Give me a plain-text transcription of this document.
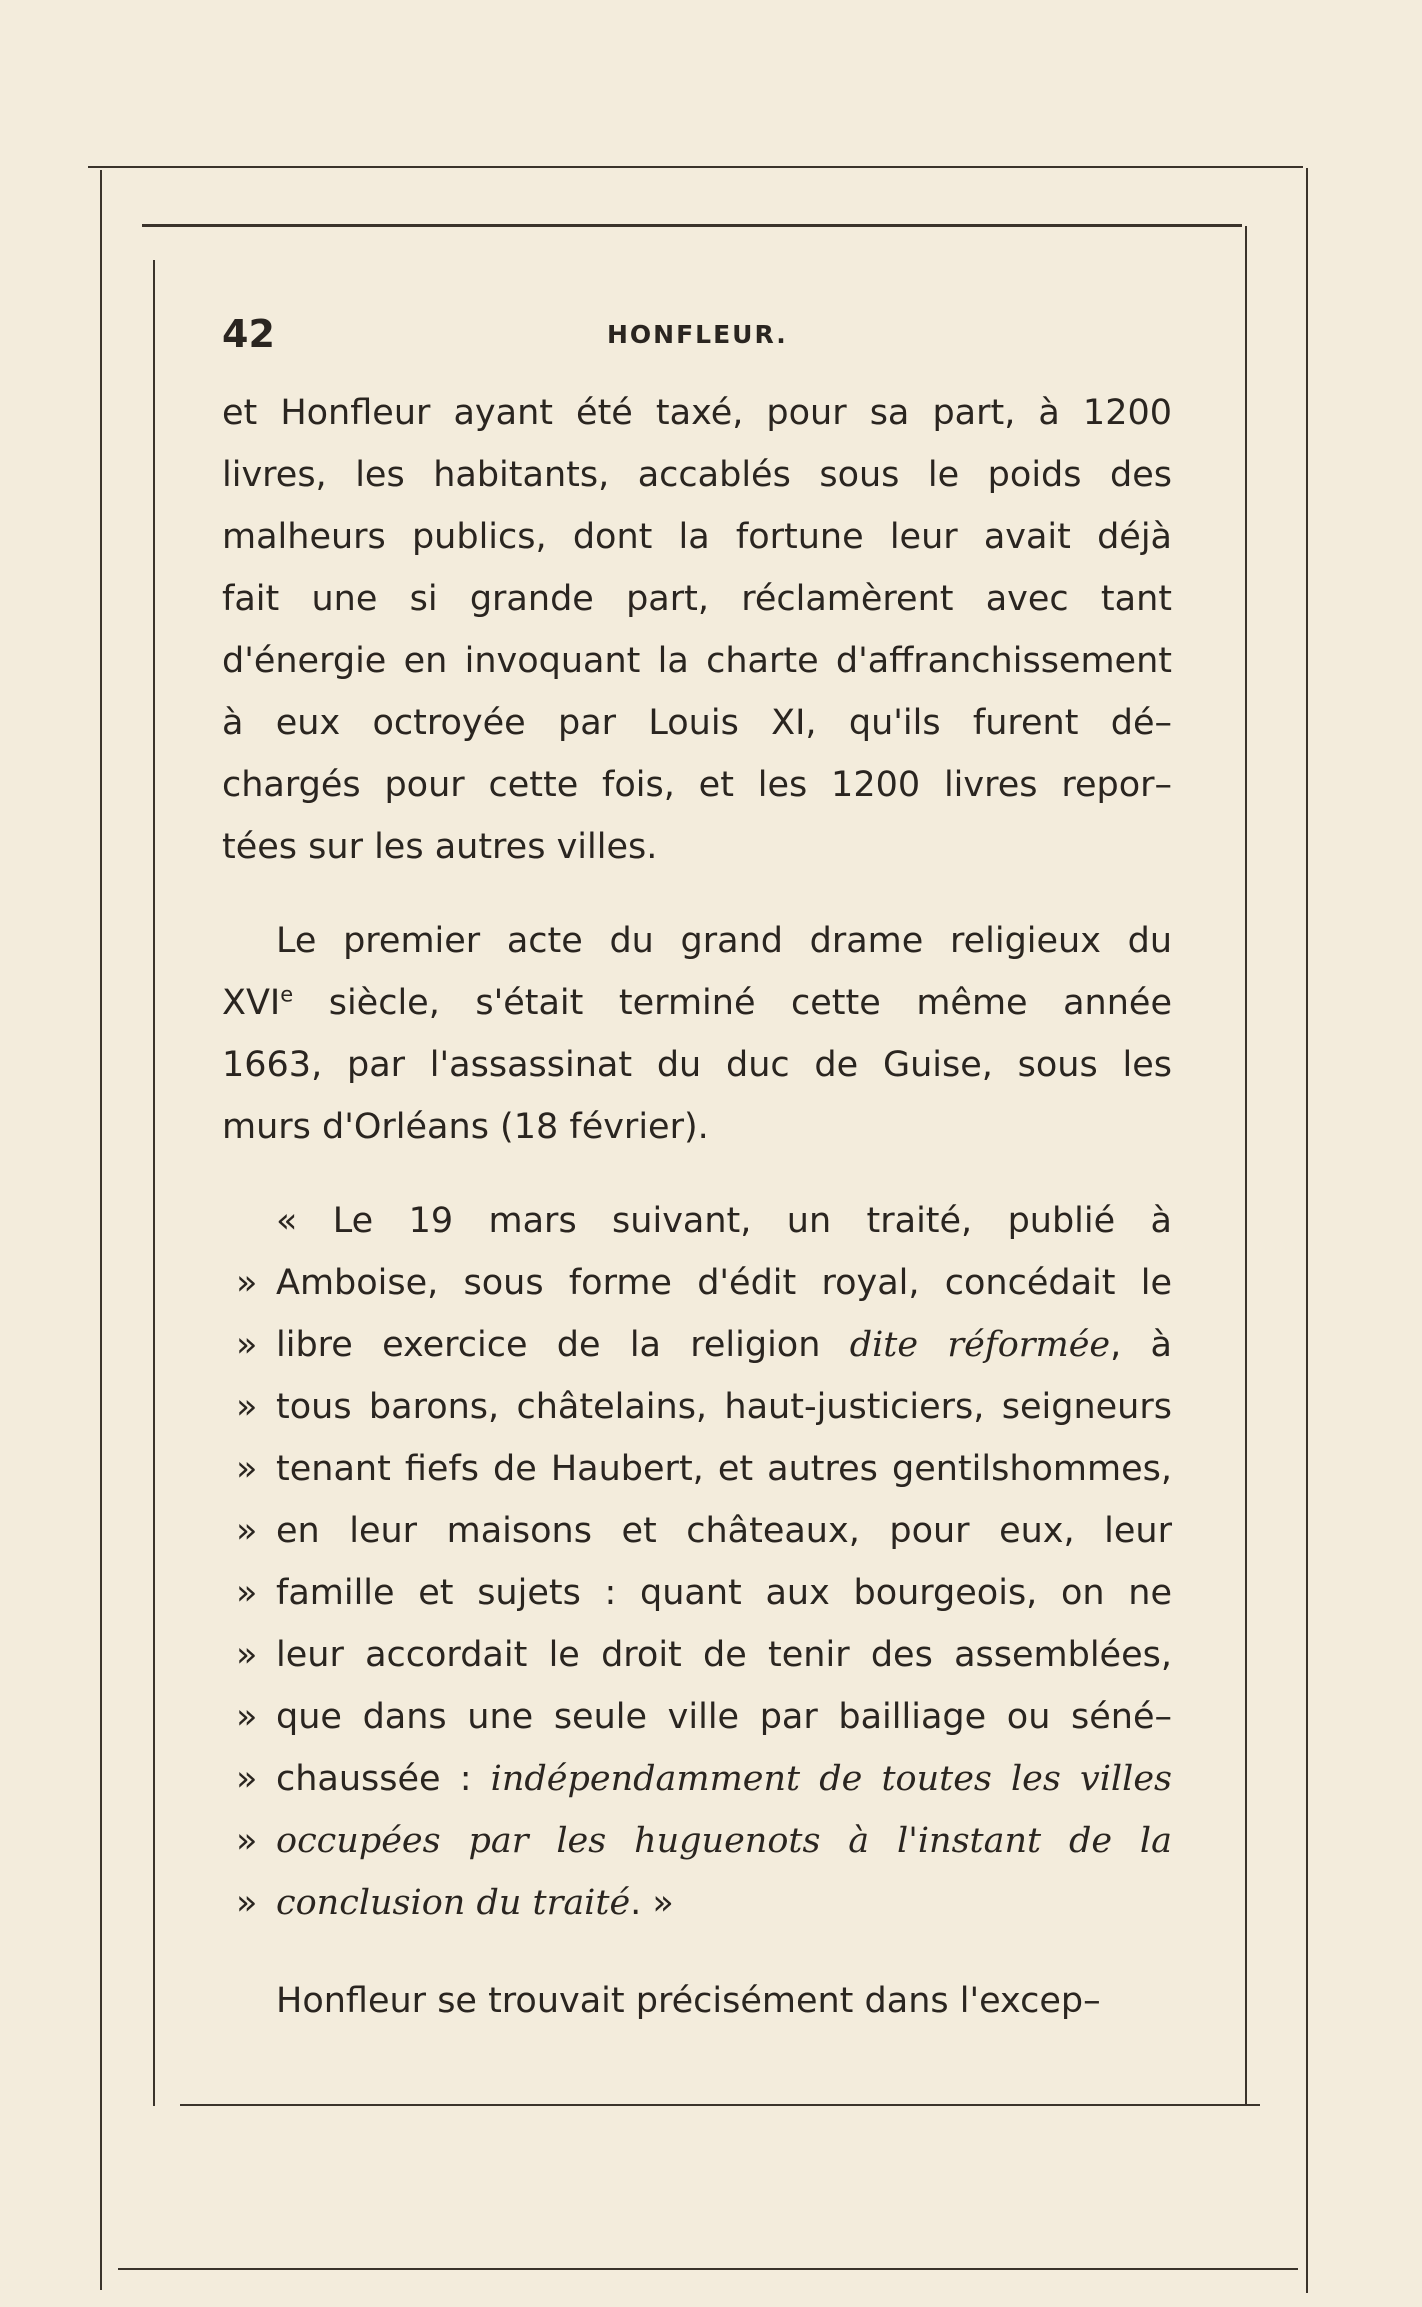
42	HONFLEUR.
et Honfleur ayant été taxé, pour sa part, à 1200
livres, les habitants, accablés sous le poids des
malheurs publics, dont la fortune leur avait déjà
fait une si grande part, réclamèrent avec tant
d'énergie en invoquant la charte d'affranchissement
à eux octroyée par Louis XI, qu'ils furent dé–
chargés pour cette fois, et les 1200 livres repor–
tées sur les autres villes.
Le premier acte du grand drame religieux du
XVIe siècle, s'était terminé cette même année
1663, par l'assassinat du duc de Guise, sous les
murs d'Orléans (18 février).
« Le 19 mars suivant, un traité, publié à
» Amboise, sous forme d'édit royal, concédait le
» libre exercice de la religion dite réformée, à
» tous barons, châtelains, haut-justiciers, seigneurs
» tenant fiefs de Haubert, et autres gentilshommes,
» en leur maisons et châteaux, pour eux, leur
» famille et sujets : quant aux bourgeois, on ne
» leur accordait le droit de tenir des assemblées,
» que dans une seule ville par bailliage ou séné–
» chaussée : indépendamment de toutes les villes
» occupées par les huguenots à l'instant de la
» conclusion du traité. »
Honfleur se trouvait précisément dans l'excep–
